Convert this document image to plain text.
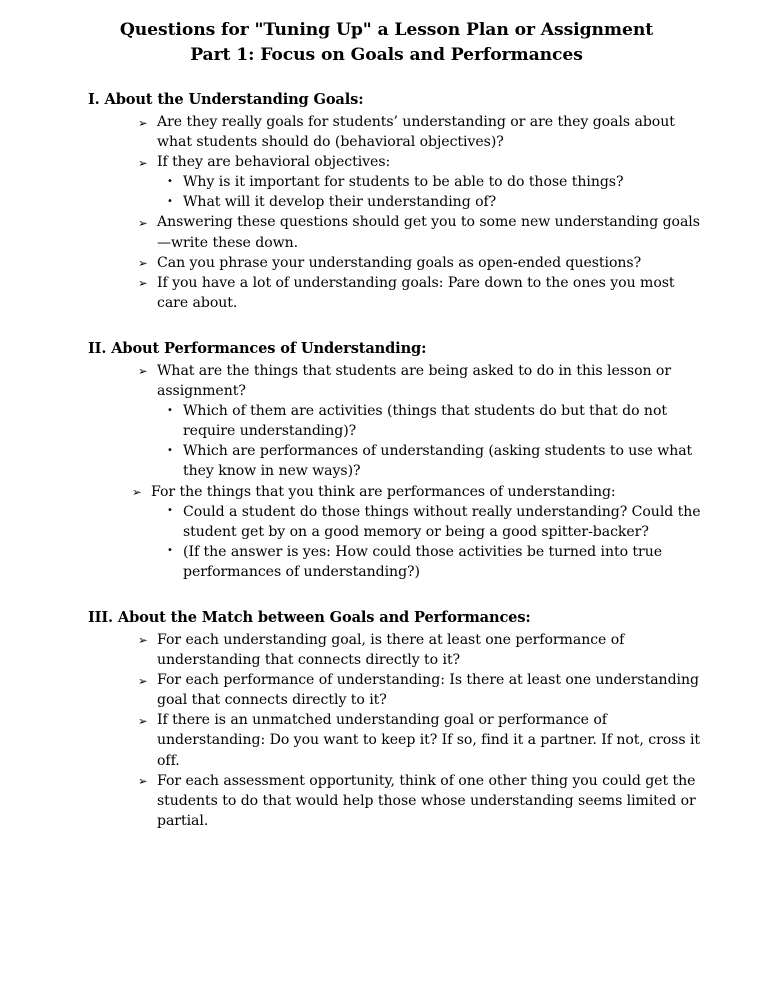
Questions for "Tuning Up" a Lesson Plan or Assignment
Part 1: Focus on Goals and Performances
I. About the Understanding Goals:
➢ Are they really goals for students’ understanding or are they goals about what students should do (behavioral objectives)?
➢ If they are behavioral objectives:
• Why is it important for students to be able to do those things?
• What will it develop their understanding of?
➢ Answering these questions should get you to some new understanding goals—write these down.
➢ Can you phrase your understanding goals as open-ended questions?
➢ If you have a lot of understanding goals: Pare down to the ones you most care about.
II. About Performances of Understanding:
➢ What are the things that students are being asked to do in this lesson or assignment?
• Which of them are activities (things that students do but that do not require understanding)?
• Which are performances of understanding (asking students to use what they know in new ways)?
➢ For the things that you think are performances of understanding:
• Could a student do those things without really understanding? Could the student get by on a good memory or being a good spitter-backer?
• (If the answer is yes: How could those activities be turned into true performances of understanding?)
III. About the Match between Goals and Performances:
➢ For each understanding goal, is there at least one performance of understanding that connects directly to it?
➢ For each performance of understanding: Is there at least one understanding goal that connects directly to it?
➢ If there is an unmatched understanding goal or performance of understanding: Do you want to keep it? If so, find it a partner. If not, cross it off.
➢ For each assessment opportunity, think of one other thing you could get the students to do that would help those whose understanding seems limited or partial.
